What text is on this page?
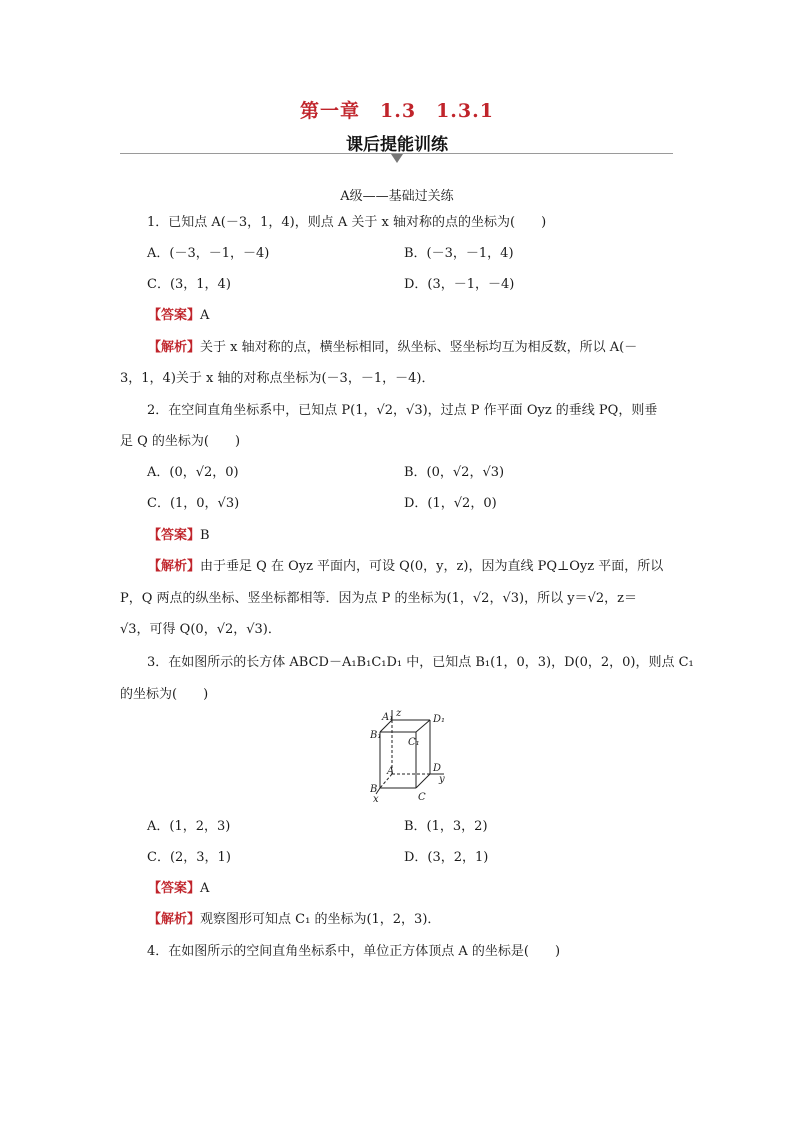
第一章　1.3　1.3.1
课后提能训练
A级——基础过关练
1．已知点 A(－3，1，4)，则点 A 关于 x 轴对称的点的坐标为(　　)
A．(－3，－1，－4)	B．(－3，－1，4)
C．(3，1，4)	D．(3，－1，－4)
【答案】A
【解析】关于 x 轴对称的点，横坐标相同，纵坐标、竖坐标均互为相反数，所以 A(－
3，1，4)关于 x 轴的对称点坐标为(－3，－1，－4)．
2．在空间直角坐标系中，已知点 P(1，√2，√3)，过点 P 作平面 Oyz 的垂线 PQ，则垂
足 Q 的坐标为(　　)
A．(0，√2，0)	B．(0，√2，√3)
C．(1，0，√3)	D．(1，√2，0)
【答案】B
【解析】由于垂足 Q 在 Oyz 平面内，可设 Q(0，y，z)，因为直线 PQ⊥Oyz 平面，所以
P，Q 两点的纵坐标、竖坐标都相等．因为点 P 的坐标为(1，√2，√3)，所以 y＝√2，z＝
√3，可得 Q(0，√2，√3)．
3．在如图所示的长方体 ABCD－A₁B₁C₁D₁ 中，已知点 B₁(1，0，3)，D(0，2，0)，则点 C₁
的坐标为(　　)
A₁ z
D₁
B₁
C₁
A	D
y
B
C
x
A．(1，2，3)	B．(1，3，2)
C．(2，3，1)	D．(3，2，1)
【答案】A
【解析】观察图形可知点 C₁ 的坐标为(1，2，3)．
4．在如图所示的空间直角坐标系中，单位正方体顶点 A 的坐标是(　　)
